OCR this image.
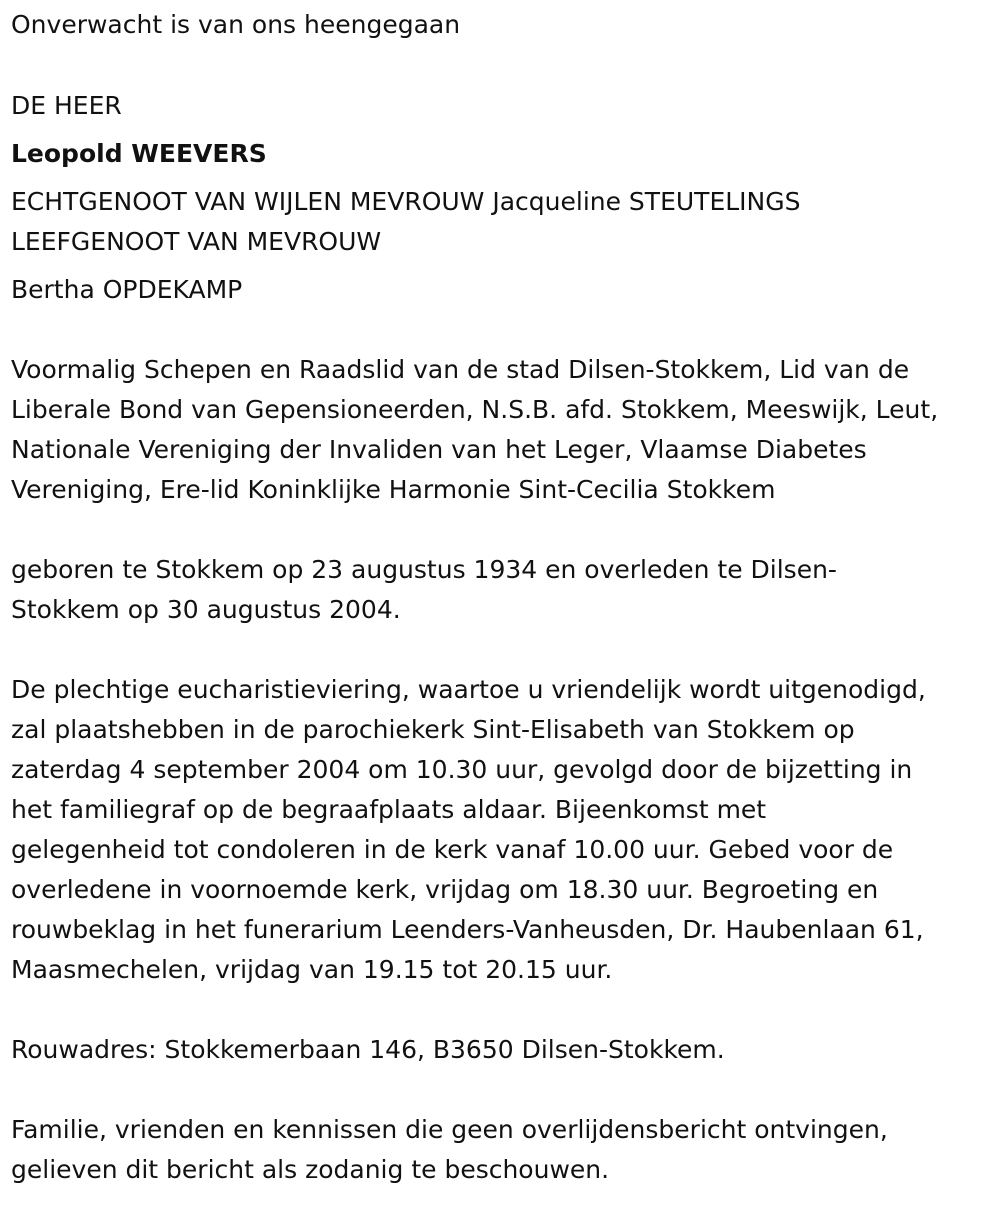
Onverwacht is van ons heengegaan
DE HEER
Leopold WEEVERS
ECHTGENOOT VAN WIJLEN MEVROUW Jacqueline STEUTELINGS
LEEFGENOOT VAN MEVROUW
Bertha OPDEKAMP
Voormalig Schepen en Raadslid van de stad Dilsen-Stokkem, Lid van de
Liberale Bond van Gepensioneerden, N.S.B. afd. Stokkem, Meeswijk, Leut,
Nationale Vereniging der Invaliden van het Leger, Vlaamse Diabetes
Vereniging, Ere-lid Koninklijke Harmonie Sint-Cecilia Stokkem
geboren te Stokkem op 23 augustus 1934 en overleden te Dilsen-
Stokkem op 30 augustus 2004.
De plechtige eucharistieviering, waartoe u vriendelijk wordt uitgenodigd,
zal plaatshebben in de parochiekerk Sint-Elisabeth van Stokkem op
zaterdag 4 september 2004 om 10.30 uur, gevolgd door de bijzetting in
het familiegraf op de begraafplaats aldaar. Bijeenkomst met
gelegenheid tot condoleren in de kerk vanaf 10.00 uur. Gebed voor de
overledene in voornoemde kerk, vrijdag om 18.30 uur. Begroeting en
rouwbeklag in het funerarium Leenders-Vanheusden, Dr. Haubenlaan 61,
Maasmechelen, vrijdag van 19.15 tot 20.15 uur.
Rouwadres: Stokkemerbaan 146, B3650 Dilsen-Stokkem.
Familie, vrienden en kennissen die geen overlijdensbericht ontvingen,
gelieven dit bericht als zodanig te beschouwen.
